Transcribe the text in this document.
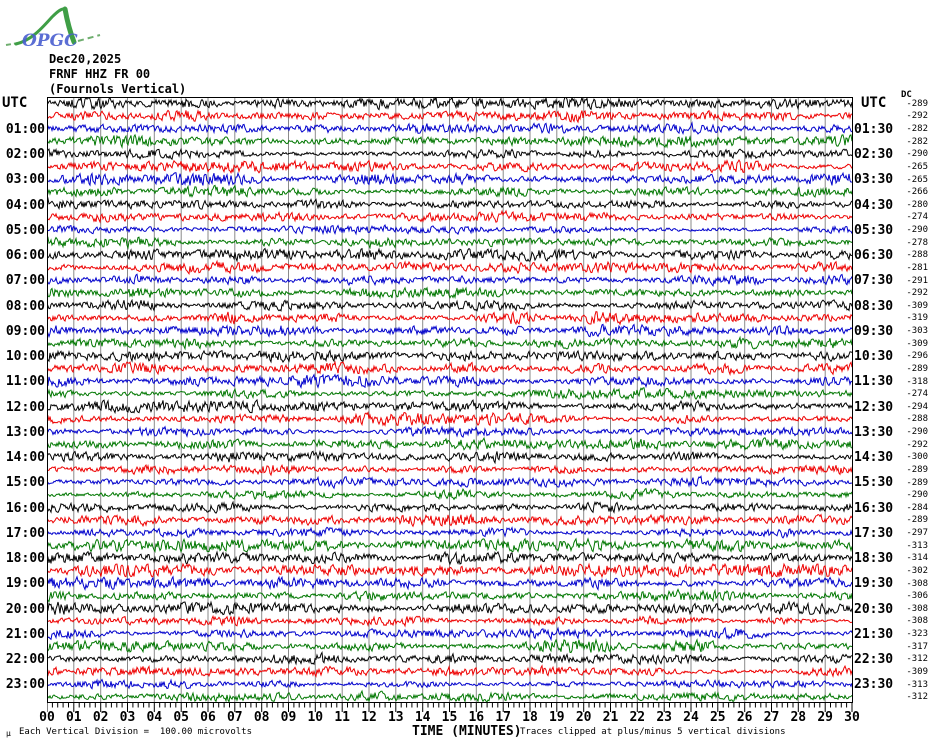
OPGC
Dec20,2025
FRNF HHZ FR 00
(Fournols Vertical)
UTC	UTC DC
TIME (MINUTES)
µ Each Vertical Division =  100.00 microvolts	Traces clipped at plus/minus 5 vertical divisions
-289
-292
01:00	01:30	-282
-282
02:00	02:30	-290
-265
03:00	03:30	-265
-266
04:00	04:30	-280
-274
05:00	05:30	-290
-278
06:00	06:30	-288
-281
07:00	07:30	-291
-292
08:00	08:30	-309
-319
09:00	09:30	-303
-309
10:00	10:30	-296
-289
11:00	11:30	-318
-274
12:00	12:30	-294
-288
13:00	13:30	-290
-292
14:00	14:30	-300
-289
15:00	15:30	-289
-290
16:00	16:30	-284
-289
17:00	17:30	-297
-313
18:00	18:30	-314
-302
19:00	19:30	-308
-306
20:00	20:30	-308
-308
21:00	21:30	-323
-317
22:00	22:30	-312
-309
23:00	23:30	-313
-312
00 01 02 03 04 05 06 07 08 09 10 11 12 13 14 15 16 17 18 19 20 21 22 23 24 25 26 27 28 29 30
